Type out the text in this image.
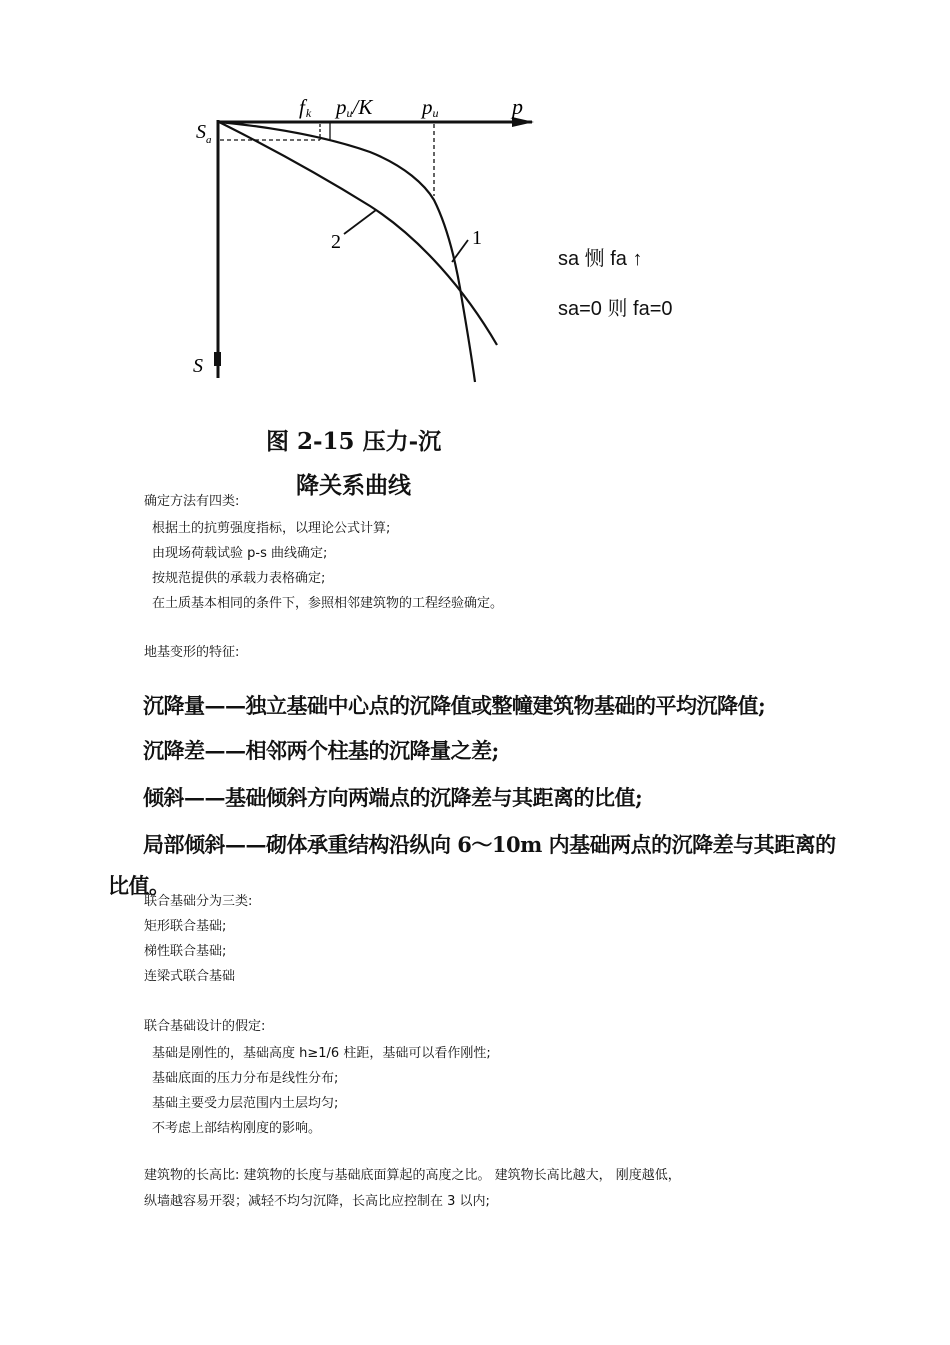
fk pu/K pu	p
$S_a$
S
2	1
图 2-15 压力-沉
降关系曲线
sa 恻 fa ↑
sa=0 则 fa=0
确定方法有四类:
根据土的抗剪强度指标，以理论公式计算;
由现场荷载试验 p-s 曲线确定;
按规范提供的承载力表格确定;
在土质基本相同的条件下，参照相邻建筑物的工程经验确定。
地基变形的特征:
沉降量——独立基础中心点的沉降值或整幢建筑物基础的平均沉降值;
沉降差——相邻两个柱基的沉降量之差;
倾斜——基础倾斜方向两端点的沉降差与其距离的比值;
局部倾斜——砌体承重结构沿纵向 6～10m 内基础两点的沉降差与其距离的
比值。
联合基础分为三类:
矩形联合基础;
梯性联合基础;
连梁式联合基础
联合基础设计的假定:
基础是刚性的，基础高度 h≥1/6 柱距，基础可以看作刚性;
基础底面的压力分布是线性分布;
基础主要受力层范围内土层均匀;
不考虑上部结构刚度的影响。
建筑物的长高比: 建筑物的长度与基础底面算起的高度之比。 建筑物长高比越大， 刚度越低，
纵墙越容易开裂；减轻不均匀沉降，长高比应控制在 3 以内;
